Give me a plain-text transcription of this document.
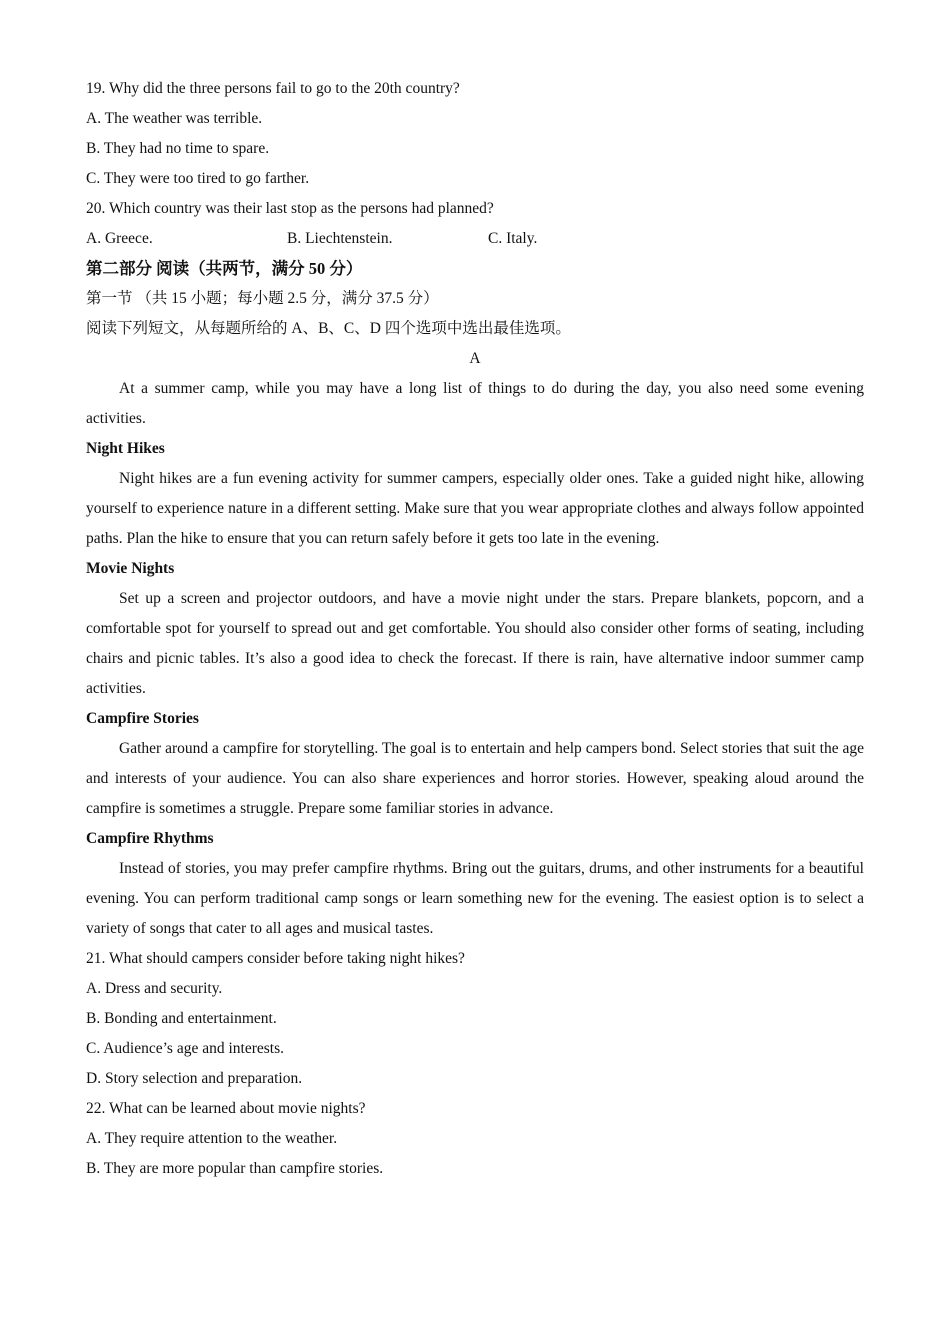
19. Why did the three persons fail to go to the 20th country?
A. The weather was terrible.
B. They had no time to spare.
C. They were too tired to go farther.
20. Which country was their last stop as the persons had planned?
A. Greece.	B. Liechtenstein.	C. Italy.
第二部分 阅读（共两节，满分 50 分）
第一节 （共 15 小题；每小题 2.5 分，满分 37.5 分）
阅读下列短文，从每题所给的 A、B、C、D 四个选项中选出最佳选项。
A
At a summer camp, while you may have a long list of things to do during the day, you also need some evening activities.
Night Hikes
Night hikes are a fun evening activity for summer campers, especially older ones. Take a guided night hike, allowing yourself to experience nature in a different setting. Make sure that you wear appropriate clothes and always follow appointed paths. Plan the hike to ensure that you can return safely before it gets too late in the evening.
Movie Nights
Set up a screen and projector outdoors, and have a movie night under the stars. Prepare blankets, popcorn, and a comfortable spot for yourself to spread out and get comfortable. You should also consider other forms of seating, including chairs and picnic tables. It’s also a good idea to check the forecast. If there is rain, have alternative indoor summer camp activities.
Campfire Stories
Gather around a campfire for storytelling. The goal is to entertain and help campers bond. Select stories that suit the age and interests of your audience. You can also share experiences and horror stories. However, speaking aloud around the campfire is sometimes a struggle. Prepare some familiar stories in advance.
Campfire Rhythms
Instead of stories, you may prefer campfire rhythms. Bring out the guitars, drums, and other instruments for a beautiful evening. You can perform traditional camp songs or learn something new for the evening. The easiest option is to select a variety of songs that cater to all ages and musical tastes.
21. What should campers consider before taking night hikes?
A. Dress and security.
B. Bonding and entertainment.
C. Audience’s age and interests.
D. Story selection and preparation.
22. What can be learned about movie nights?
A. They require attention to the weather.
B. They are more popular than campfire stories.
